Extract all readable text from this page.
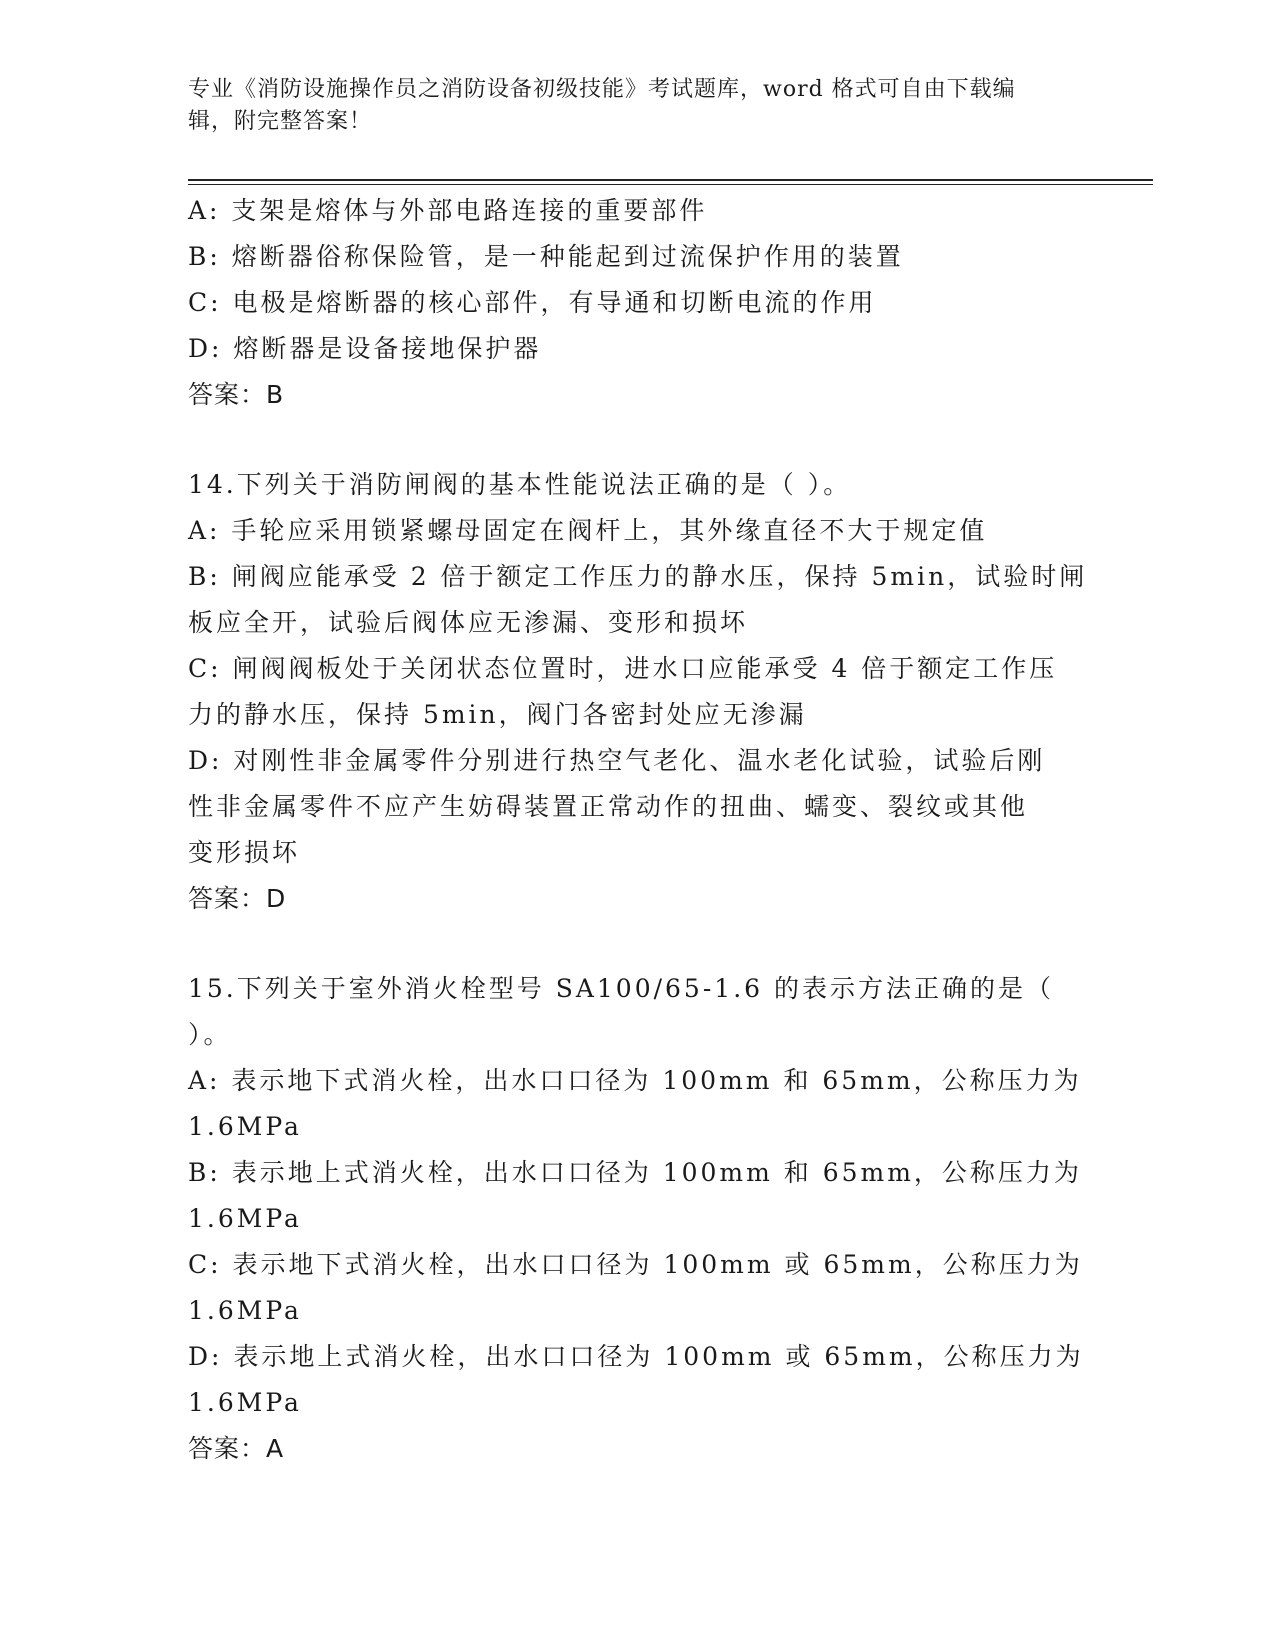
专业《消防设施操作员之消防设备初级技能》考试题库，word 格式可自由下载编
辑，附完整答案！
A: 支架是熔体与外部电路连接的重要部件
B: 熔断器俗称保险管，是一种能起到过流保护作用的装置
C: 电极是熔断器的核心部件，有导通和切断电流的作用
D: 熔断器是设备接地保护器
答案：B
14.下列关于消防闸阀的基本性能说法正确的是（ ）。
A: 手轮应采用锁紧螺母固定在阀杆上，其外缘直径不大于规定值
B: 闸阀应能承受 2 倍于额定工作压力的静水压，保持 5min，试验时闸
板应全开，试验后阀体应无渗漏、变形和损坏
C: 闸阀阀板处于关闭状态位置时，进水口应能承受 4 倍于额定工作压
力的静水压，保持 5min，阀门各密封处应无渗漏
D: 对刚性非金属零件分别进行热空气老化、温水老化试验，试验后刚
性非金属零件不应产生妨碍装置正常动作的扭曲、蠕变、裂纹或其他
变形损坏
答案：D
15.下列关于室外消火栓型号 SA100/65-1.6 的表示方法正确的是（
）。
A: 表示地下式消火栓，出水口口径为 100mm 和 65mm，公称压力为
1.6MPa
B: 表示地上式消火栓，出水口口径为 100mm 和 65mm，公称压力为
1.6MPa
C: 表示地下式消火栓，出水口口径为 100mm 或 65mm，公称压力为
1.6MPa
D: 表示地上式消火栓，出水口口径为 100mm 或 65mm，公称压力为
1.6MPa
答案：A
